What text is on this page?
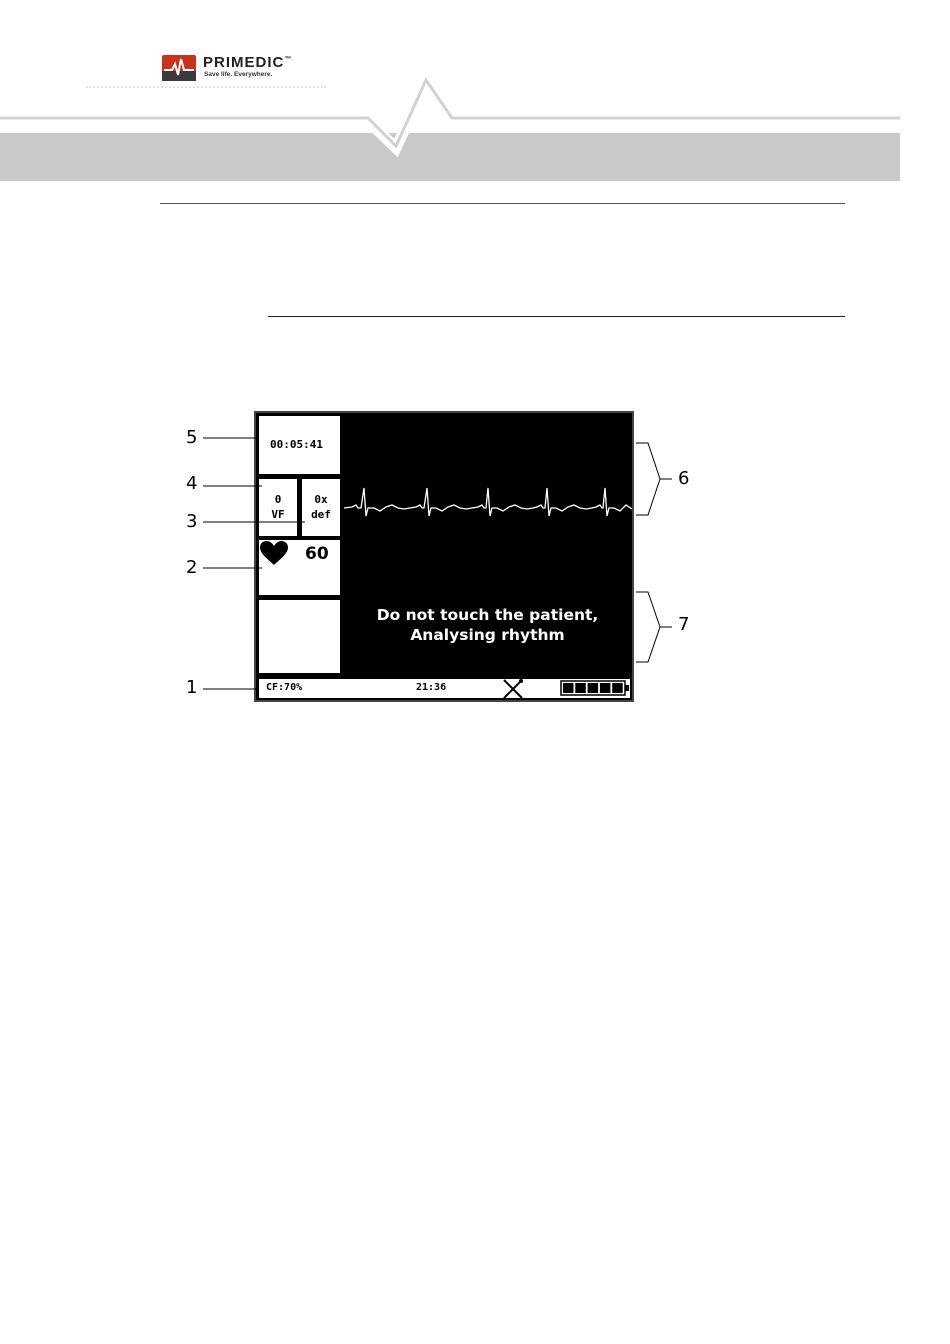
PRIMEDIC™
Save life. Everywhere.
00:05:41
0
VF
0x
def
60
Do not touch the patient,
Analysing rhythm
CF:70%	21:36
5
4
3
2
1
6
7
